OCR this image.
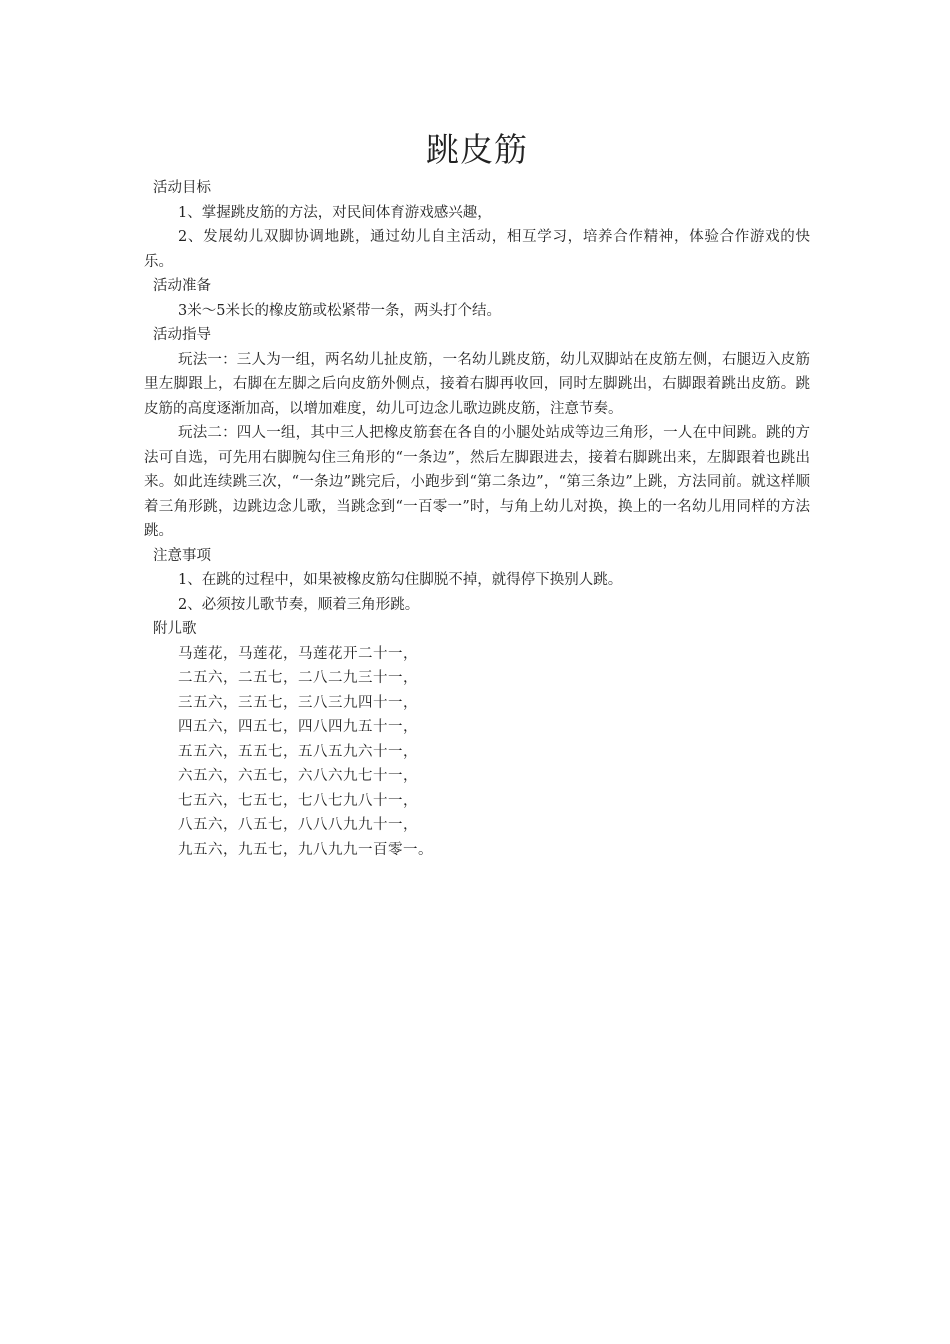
跳皮筋

活动目标

1、掌握跳皮筋的方法，对民间体育游戏感兴趣，

2、发展幼儿双脚协调地跳，通过幼儿自主活动，相互学习，培养合作精神，体验合作游戏的快乐。

活动准备

3米～5米长的橡皮筋或松紧带一条，两头打个结。

活动指导

玩法一：三人为一组，两名幼儿扯皮筋，一名幼儿跳皮筋，幼儿双脚站在皮筋左侧，右腿迈入皮筋里左脚跟上，右脚在左脚之后向皮筋外侧点，接着右脚再收回，同时左脚跳出，右脚跟着跳出皮筋。跳皮筋的高度逐渐加高，以增加难度，幼儿可边念儿歌边跳皮筋，注意节奏。

玩法二：四人一组，其中三人把橡皮筋套在各自的小腿处站成等边三角形，一人在中间跳。跳的方法可自选，可先用右脚腕勾住三角形的“一条边”，然后左脚跟进去，接着右脚跳出来，左脚跟着也跳出来。如此连续跳三次，“一条边”跳完后，小跑步到“第二条边”，“第三条边”上跳，方法同前。就这样顺着三角形跳，边跳边念儿歌，当跳念到“一百零一”时，与角上幼儿对换，换上的一名幼儿用同样的方法跳。

注意事项

1、在跳的过程中，如果被橡皮筋勾住脚脱不掉，就得停下换别人跳。

2、必须按儿歌节奏，顺着三角形跳。

附儿歌

马莲花，马莲花，马莲花开二十一，

二五六，二五七，二八二九三十一，

三五六，三五七，三八三九四十一，

四五六，四五七，四八四九五十一，

五五六，五五七，五八五九六十一，

六五六，六五七，六八六九七十一，

七五六，七五七，七八七九八十一，

八五六，八五七，八八八九九十一，

九五六，九五七，九八九九一百零一。
